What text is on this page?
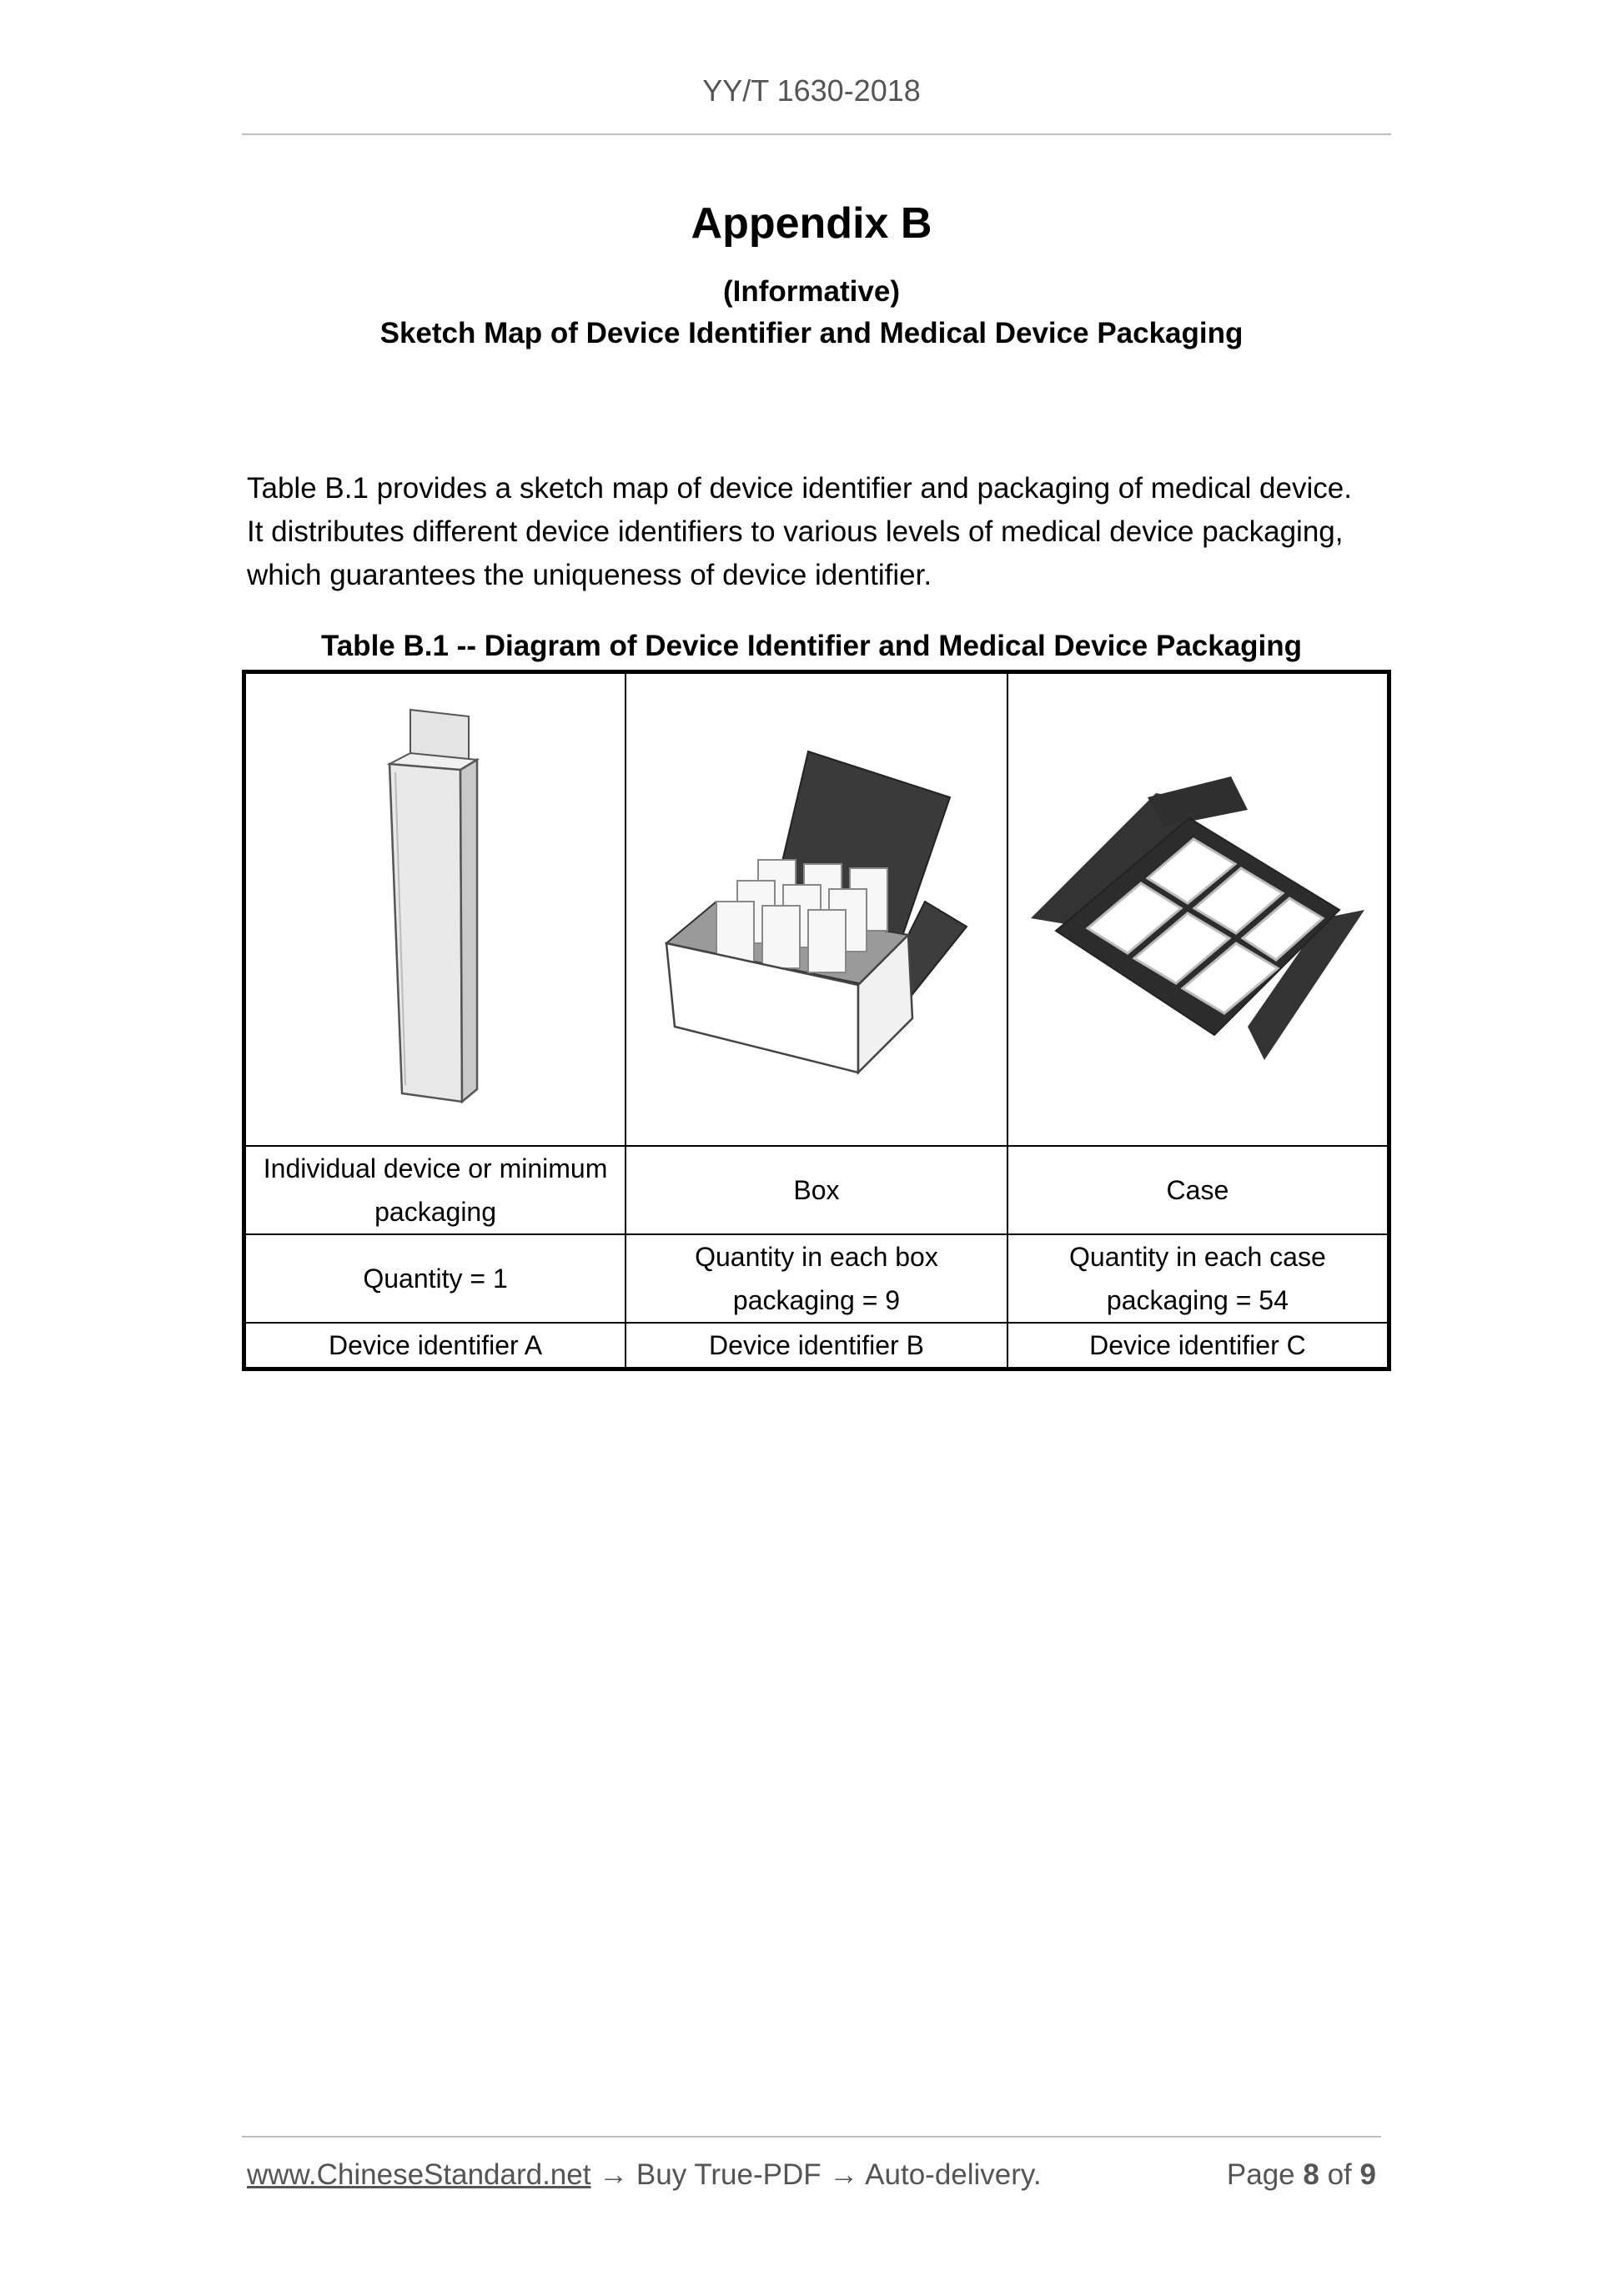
YY/T 1630-2018
Appendix B
(Informative)
Sketch Map of Device Identifier and Medical Device Packaging

Table B.1 provides a sketch map of device identifier and packaging of medical device.

It distributes different device identifiers to various levels of medical device packaging,

which guarantees the uniqueness of device identifier.

Table B.1 -- Diagram of Device Identifier and Medical Device Packaging

Individual device or minimum packaging	Box	Case
Quantity = 1	Quantity in each box packaging = 9	Quantity in each case packaging = 54
Device identifier A	Device identifier B	Device identifier C
www.ChineseStandard.net → Buy True-PDF → Auto-delivery.	Page 8 of 9
